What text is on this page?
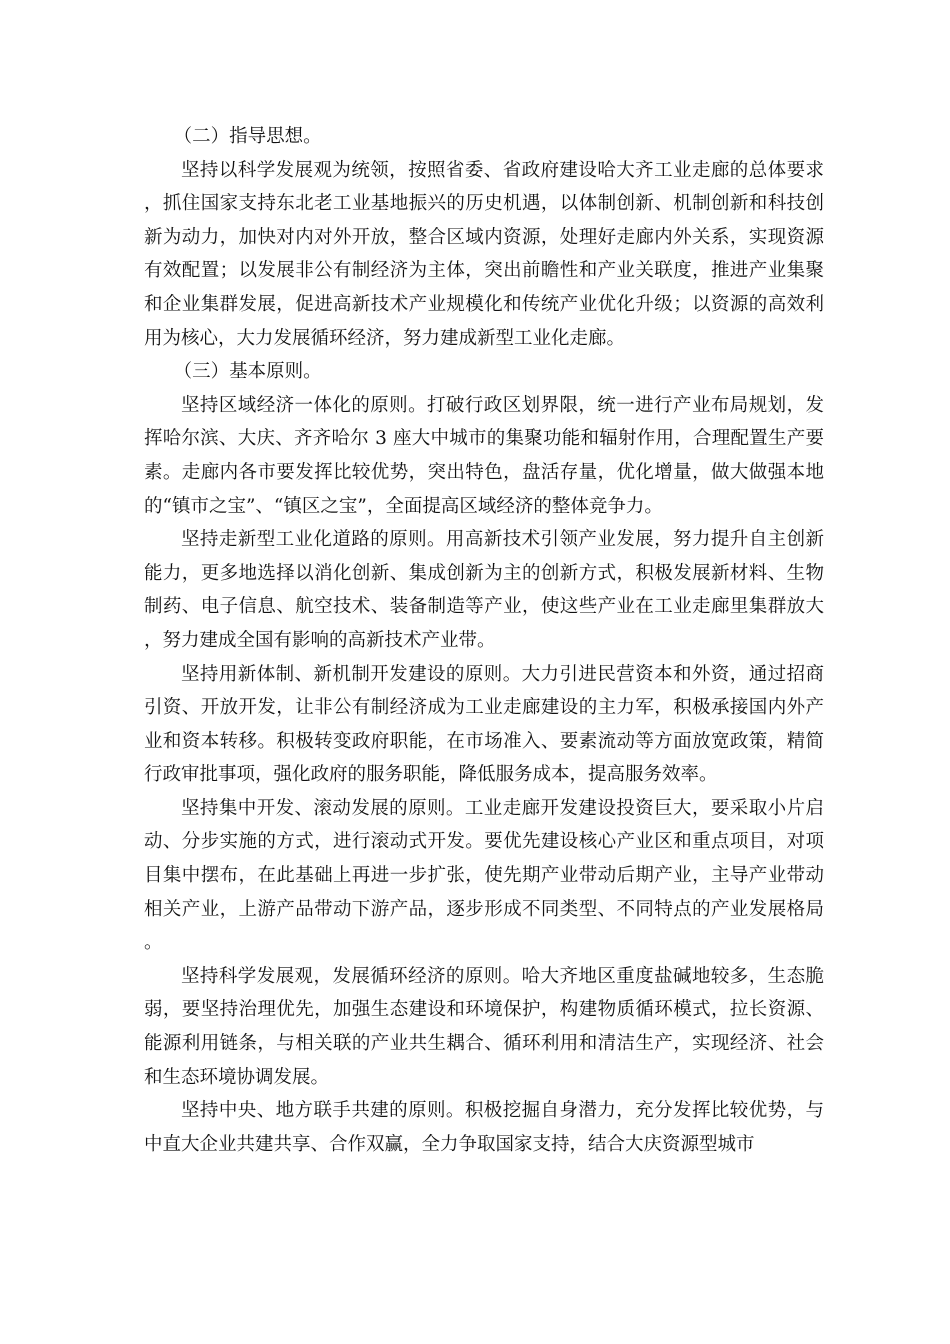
（二）指导思想。

坚持以科学发展观为统领，按照省委、省政府建设哈大齐工业走廊的总体要求，抓住国家支持东北老工业基地振兴的历史机遇，以体制创新、机制创新和科技创新为动力，加快对内对外开放，整合区域内资源，处理好走廊内外关系，实现资源有效配置；以发展非公有制经济为主体，突出前瞻性和产业关联度，推进产业集聚和企业集群发展，促进高新技术产业规模化和传统产业优化升级；以资源的高效利用为核心，大力发展循环经济，努力建成新型工业化走廊。

（三）基本原则。

坚持区域经济一体化的原则。打破行政区划界限，统一进行产业布局规划，发挥哈尔滨、大庆、齐齐哈尔 3 座大中城市的集聚功能和辐射作用，合理配置生产要素。走廊内各市要发挥比较优势，突出特色，盘活存量，优化增量，做大做强本地的“镇市之宝”、“镇区之宝”，全面提高区域经济的整体竞争力。

坚持走新型工业化道路的原则。用高新技术引领产业发展，努力提升自主创新能力，更多地选择以消化创新、集成创新为主的创新方式，积极发展新材料、生物制药、电子信息、航空技术、装备制造等产业，使这些产业在工业走廊里集群放大，努力建成全国有影响的高新技术产业带。

坚持用新体制、新机制开发建设的原则。大力引进民营资本和外资，通过招商引资、开放开发，让非公有制经济成为工业走廊建设的主力军，积极承接国内外产业和资本转移。积极转变政府职能，在市场准入、要素流动等方面放宽政策，精简行政审批事项，强化政府的服务职能，降低服务成本，提高服务效率。

坚持集中开发、滚动发展的原则。工业走廊开发建设投资巨大，要采取小片启动、分步实施的方式，进行滚动式开发。要优先建设核心产业区和重点项目，对项目集中摆布，在此基础上再进一步扩张，使先期产业带动后期产业，主导产业带动相关产业，上游产品带动下游产品，逐步形成不同类型、不同特点的产业发展格局。

坚持科学发展观，发展循环经济的原则。哈大齐地区重度盐碱地较多，生态脆弱，要坚持治理优先，加强生态建设和环境保护，构建物质循环模式，拉长资源、能源利用链条，与相关联的产业共生耦合、循环利用和清洁生产，实现经济、社会和生态环境协调发展。

坚持中央、地方联手共建的原则。积极挖掘自身潜力，充分发挥比较优势，与中直大企业共建共享、合作双赢，全力争取国家支持，结合大庆资源型城市
